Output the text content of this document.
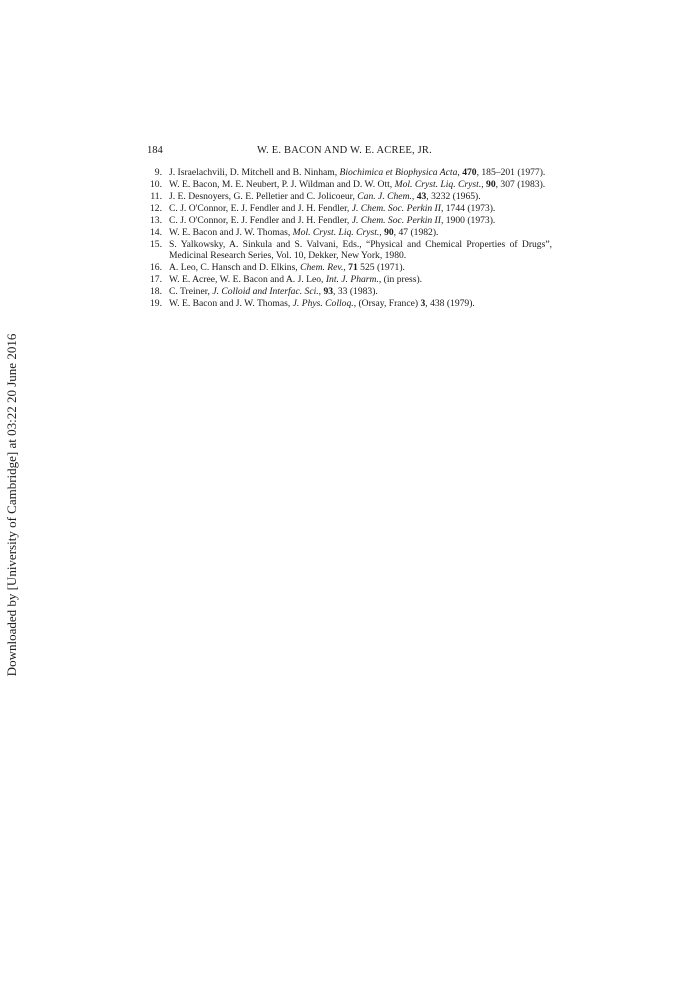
Downloaded by [University of Cambridge] at 03:22 20 June 2016
184	W. E. BACON AND W. E. ACREE, JR.
9. J. Israelachvili, D. Mitchell and B. Ninham, Biochimica et Biophysica Acta, 470, 185–201 (1977).
10. W. E. Bacon, M. E. Neubert, P. J. Wildman and D. W. Ott, Mol. Cryst. Liq. Cryst., 90, 307 (1983).
11. J. E. Desnoyers, G. E. Pelletier and C. Jolicoeur, Can. J. Chem., 43, 3232 (1965).
12. C. J. O'Connor, E. J. Fendler and J. H. Fendler, J. Chem. Soc. Perkin II, 1744 (1973).
13. C. J. O'Connor, E. J. Fendler and J. H. Fendler, J. Chem. Soc. Perkin II, 1900 (1973).
14. W. E. Bacon and J. W. Thomas, Mol. Cryst. Liq. Cryst., 90, 47 (1982).
15. S. Yalkowsky, A. Sinkula and S. Valvani, Eds., “Physical and Chemical Properties of Drugs”, Medicinal Research Series, Vol. 10, Dekker, New York, 1980.
16. A. Leo, C. Hansch and D. Elkins, Chem. Rev., 71 525 (1971).
17. W. E. Acree, W. E. Bacon and A. J. Leo, Int. J. Pharm., (in press).
18. C. Treiner, J. Colloid and Interfac. Sci., 93, 33 (1983).
19. W. E. Bacon and J. W. Thomas, J. Phys. Colloq., (Orsay, France) 3, 438 (1979).
